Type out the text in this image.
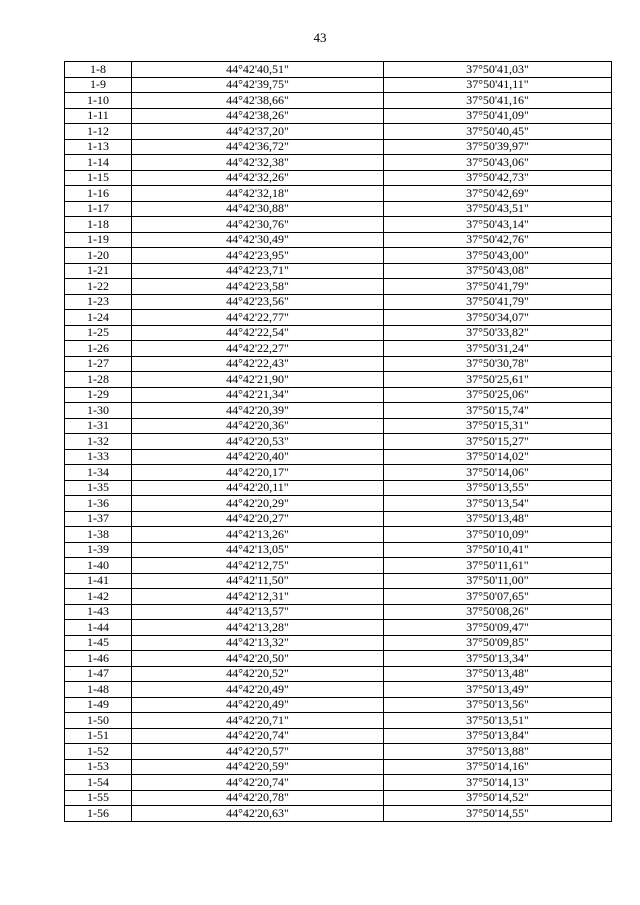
43
1-8	44°42'40,51"	37°50'41,03"
1-9	44°42'39,75"	37°50'41,11"
1-10	44°42'38,66"	37°50'41,16"
1-11	44°42'38,26"	37°50'41,09"
1-12	44°42'37,20"	37°50'40,45"
1-13	44°42'36,72"	37°50'39,97"
1-14	44°42'32,38"	37°50'43,06"
1-15	44°42'32,26"	37°50'42,73"
1-16	44°42'32,18"	37°50'42,69"
1-17	44°42'30,88"	37°50'43,51"
1-18	44°42'30,76"	37°50'43,14"
1-19	44°42'30,49"	37°50'42,76"
1-20	44°42'23,95"	37°50'43,00"
1-21	44°42'23,71"	37°50'43,08"
1-22	44°42'23,58"	37°50'41,79"
1-23	44°42'23,56"	37°50'41,79"
1-24	44°42'22,77"	37°50'34,07"
1-25	44°42'22,54"	37°50'33,82"
1-26	44°42'22,27"	37°50'31,24"
1-27	44°42'22,43"	37°50'30,78"
1-28	44°42'21,90"	37°50'25,61"
1-29	44°42'21,34"	37°50'25,06"
1-30	44°42'20,39"	37°50'15,74"
1-31	44°42'20,36"	37°50'15,31"
1-32	44°42'20,53"	37°50'15,27"
1-33	44°42'20,40"	37°50'14,02"
1-34	44°42'20,17"	37°50'14,06"
1-35	44°42'20,11"	37°50'13,55"
1-36	44°42'20,29"	37°50'13,54"
1-37	44°42'20,27"	37°50'13,48"
1-38	44°42'13,26"	37°50'10,09"
1-39	44°42'13,05"	37°50'10,41"
1-40	44°42'12,75"	37°50'11,61"
1-41	44°42'11,50"	37°50'11,00"
1-42	44°42'12,31"	37°50'07,65"
1-43	44°42'13,57"	37°50'08,26"
1-44	44°42'13,28"	37°50'09,47"
1-45	44°42'13,32"	37°50'09,85"
1-46	44°42'20,50"	37°50'13,34"
1-47	44°42'20,52"	37°50'13,48"
1-48	44°42'20,49"	37°50'13,49"
1-49	44°42'20,49"	37°50'13,56"
1-50	44°42'20,71"	37°50'13,51"
1-51	44°42'20,74"	37°50'13,84"
1-52	44°42'20,57"	37°50'13,88"
1-53	44°42'20,59"	37°50'14,16"
1-54	44°42'20,74"	37°50'14,13"
1-55	44°42'20,78"	37°50'14,52"
1-56	44°42'20,63"	37°50'14,55"
